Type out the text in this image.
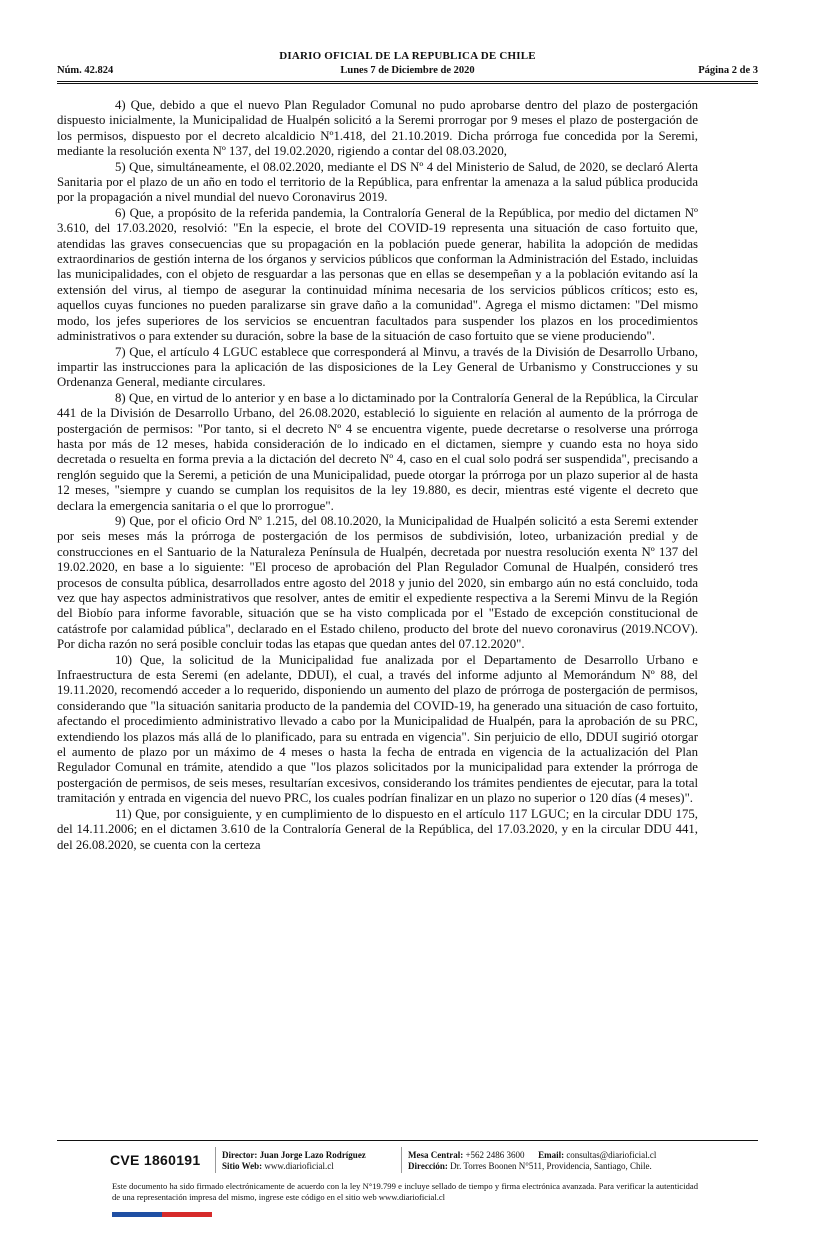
DIARIO OFICIAL DE LA REPUBLICA DE CHILE
Núm. 42.824	Lunes 7 de Diciembre de 2020	Página 2 de 3

4) Que, debido a que el nuevo Plan Regulador Comunal no pudo aprobarse dentro del plazo de postergación dispuesto inicialmente, la Municipalidad de Hualpén solicitó a la Seremi prorrogar por 9 meses el plazo de postergación de los permisos, dispuesto por el decreto alcaldicio Nº1.418, del 21.10.2019. Dicha prórroga fue concedida por la Seremi, mediante la resolución exenta Nº 137, del 19.02.2020, rigiendo a contar del 08.03.2020,

5) Que, simultáneamente, el 08.02.2020, mediante el DS Nº 4 del Ministerio de Salud, de 2020, se declaró Alerta Sanitaria por el plazo de un año en todo el territorio de la República, para enfrentar la amenaza a la salud pública producida por la propagación a nivel mundial del nuevo Coronavirus 2019.

6) Que, a propósito de la referida pandemia, la Contraloría General de la República, por medio del dictamen Nº 3.610, del 17.03.2020, resolvió: "En la especie, el brote del COVID-19 representa una situación de caso fortuito que, atendidas las graves consecuencias que su propagación en la población puede generar, habilita la adopción de medidas extraordinarios de gestión interna de los órganos y servicios públicos que conforman la Administración del Estado, incluidas las municipalidades, con el objeto de resguardar a las personas que en ellas se desempeñan y a la población evitando así la extensión del virus, al tiempo de asegurar la continuidad mínima necesaria de los servicios públicos críticos; esto es, aquellos cuyas funciones no pueden paralizarse sin grave daño a la comunidad". Agrega el mismo dictamen: "Del mismo modo, los jefes superiores de los servicios se encuentran facultados para suspender los plazos en los procedimientos administrativos o para extender su duración, sobre la base de la situación de caso fortuito que se viene produciendo".

7) Que, el artículo 4 LGUC establece que corresponderá al Minvu, a través de la División de Desarrollo Urbano, impartir las instrucciones para la aplicación de las disposiciones de la Ley General de Urbanismo y Construcciones y su Ordenanza General, mediante circulares.

8) Que, en virtud de lo anterior y en base a lo dictaminado por la Contraloría General de la República, la Circular 441 de la División de Desarrollo Urbano, del 26.08.2020, estableció lo siguiente en relación al aumento de la prórroga de postergación de permisos: "Por tanto, si el decreto Nº 4 se encuentra vigente, puede decretarse o resolverse una prórroga hasta por más de 12 meses, habida consideración de lo indicado en el dictamen, siempre y cuando esta no hoya sido decretada o resuelta en forma previa a la dictación del decreto Nº 4, caso en el cual solo podrá ser suspendida", precisando a renglón seguido que la Seremi, a petición de una Municipalidad, puede otorgar la prórroga por un plazo superior al de hasta 12 meses, "siempre y cuando se cumplan los requisitos de la ley 19.880, es decir, mientras esté vigente el decreto que declara la emergencia sanitaria o el que lo prorrogue".

9) Que, por el oficio Ord Nº 1.215, del 08.10.2020, la Municipalidad de Hualpén solicitó a esta Seremi extender por seis meses más la prórroga de postergación de los permisos de subdivisión, loteo, urbanización predial y de construcciones en el Santuario de la Naturaleza Península de Hualpén, decretada por nuestra resolución exenta Nº 137 del 19.02.2020, en base a lo siguiente: "El proceso de aprobación del Plan Regulador Comunal de Hualpén, consideró tres procesos de consulta pública, desarrollados entre agosto del 2018 y junio del 2020, sin embargo aún no está concluido, toda vez que hay aspectos administrativos que resolver, antes de emitir el expediente respectiva a la Seremi Minvu de la Región del Biobío para informe favorable, situación que se ha visto complicada por el "Estado de excepción constitucional de catástrofe por calamidad pública", declarado en el Estado chileno, producto del brote del nuevo coronavirus (2019.NCOV). Por dicha razón no será posible concluir todas las etapas que quedan antes del 07.12.2020".

10) Que, la solicitud de la Municipalidad fue analizada por el Departamento de Desarrollo Urbano e Infraestructura de esta Seremi (en adelante, DDUI), el cual, a través del informe adjunto al Memorándum Nº 88, del 19.11.2020, recomendó acceder a lo requerido, disponiendo un aumento del plazo de prórroga de postergación de permisos, considerando que "la situación sanitaria producto de la pandemia del COVID-19, ha generado una situación de caso fortuito, afectando el procedimiento administrativo llevado a cabo por la Municipalidad de Hualpén, para la aprobación de su PRC, extendiendo los plazos más allá de lo planificado, para su entrada en vigencia". Sin perjuicio de ello, DDUI sugirió otorgar el aumento de plazo por un máximo de 4 meses o hasta la fecha de entrada en vigencia de la actualización del Plan Regulador Comunal en trámite, atendido a que "los plazos solicitados por la municipalidad para extender la prórroga de postergación de permisos, de seis meses, resultarían excesivos, considerando los trámites pendientes de ejecutar, para la total tramitación y entrada en vigencia del nuevo PRC, los cuales podrían finalizar en un plazo no superior o 120 días (4 meses)".

11) Que, por consiguiente, y en cumplimiento de lo dispuesto en el artículo 117 LGUC; en la circular DDU 175, del 14.11.2006; en el dictamen 3.610 de la Contraloría General de la República, del 17.03.2020, y en la circular DDU 441, del 26.08.2020, se cuenta con la certeza

CVE 1860191 Director: Juan Jorge Lazo Rodríguez
Sitio Web: www.diarioficial.cl
Mesa Central: +562 2486 3600 Email: consultas@diarioficial.cl
Dirección: Dr. Torres Boonen N°511, Providencia, Santiago, Chile.
Este documento ha sido firmado electrónicamente de acuerdo con la ley N°19.799 e incluye sellado de tiempo y firma electrónica avanzada. Para verificar la autenticidad de una representación impresa del mismo, ingrese este código en el sitio web www.diarioficial.cl
